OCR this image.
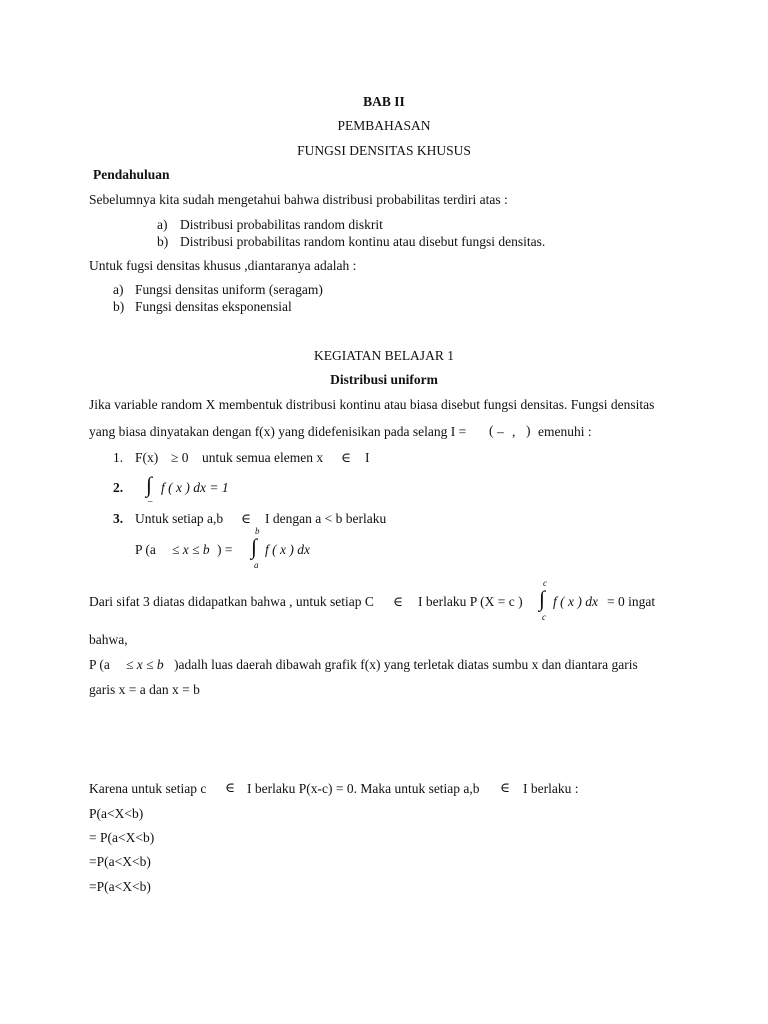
BAB II
PEMBAHASAN
FUNGSI DENSITAS KHUSUS
Pendahuluan
Sebelumnya kita sudah mengetahui bahwa distribusi probabilitas terdiri atas :
a) Distribusi probabilitas random diskrit
b) Distribusi probabilitas random kontinu atau disebut fungsi densitas.
Untuk fugsi densitas khusus ,diantaranya adalah :
a) Fungsi densitas uniform (seragam)
b) Fungsi densitas eksponensial
KEGIATAN BELAJAR 1
Distribusi uniform
Jika variable random X membentuk distribusi kontinu atau biasa disebut fungsi densitas. Fungsi densitas
yang biasa dinyatakan dengan f(x) yang didefenisikan pada selang I = ( – , ) emenuhi :
1. F(x) ≥ 0 untuk semua elemen x ∈ I
2. ∫
–
f ( x ) dx = 1
3. Untuk setiap a,b ∈ I dengan a < b berlaku
P (a ≤ x ≤ b ) =
b
∫
a
f ( x ) dx
Dari sifat 3 diatas didapatkan bahwa , untuk setiap C ∈ I berlaku P (X = c )
c
∫
c
f ( x ) dx = 0 ingat
bahwa,
P (a ≤ x ≤ b )adalh luas daerah dibawah grafik f(x) yang terletak diatas sumbu x dan diantara garis
garis x = a dan x = b
Karena untuk setiap c ∈ I berlaku P(x-c) = 0. Maka untuk setiap a,b ∈ I berlaku :
P(a<X<b)
= P(a<X<b)
=P(a<X<b)
=P(a<X<b)
